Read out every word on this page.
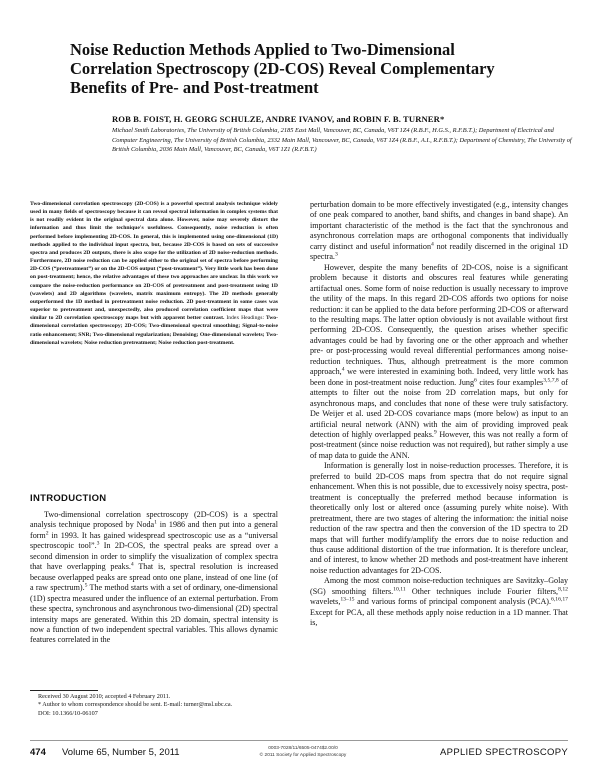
Noise Reduction Methods Applied to Two-Dimensional Correlation Spectroscopy (2D-COS) Reveal Complementary Benefits of Pre- and Post-treatment
ROB B. FOIST, H. GEORG SCHULZE, ANDRE IVANOV, and ROBIN F. B. TURNER*
Michael Smith Laboratories, The University of British Columbia, 2185 East Mall, Vancouver, BC, Canada, V6T 1Z4 (R.B.F., H.G.S., R.F.B.T.); Department of Electrical and Computer Engineering, The University of British Columbia, 2332 Main Mall, Vancouver, BC, Canada, V6T 1Z4 (R.B.F., A.I., R.F.B.T.); Department of Chemistry, The University of British Columbia, 2036 Main Mall, Vancouver, BC, Canada, V6T 1Z1 (R.F.B.T.)

Two-dimensional correlation spectroscopy (2D-COS) is a powerful spectral analysis technique widely used in many fields of spectroscopy because it can reveal spectral information in complex systems that is not readily evident in the original spectral data alone. However, noise may severely distort the information and thus limit the technique's usefulness. Consequently, noise reduction is often performed before implementing 2D-COS. In general, this is implemented using one-dimensional (1D) methods applied to the individual input spectra, but, because 2D-COS is based on sets of successive spectra and produces 2D outputs, there is also scope for the utilization of 2D noise-reduction methods. Furthermore, 2D noise reduction can be applied either to the original set of spectra before performing 2D-COS (“pretreatment”) or on the 2D-COS output (“post-treatment”). Very little work has been done on post-treatment; hence, the relative advantages of these two approaches are unclear. In this work we compare the noise-reduction performance on 2D-COS of pretreatment and post-treatment using 1D (wavelets) and 2D algorithms (wavelets, matrix maximum entropy). The 2D methods generally outperformed the 1D method in pretreatment noise reduction. 2D post-treatment in some cases was superior to pretreatment and, unexpectedly, also produced correlation coefficient maps that were similar to 2D correlation spectroscopy maps but with apparent better contrast. Index Headings: Two-dimensional correlation spectroscopy; 2D-COS; Two-dimensional spectral smoothing; Signal-to-noise ratio enhancement; SNR; Two-dimensional regularization; Denoising; One-dimensional wavelets; Two-dimensional wavelets; Noise reduction pretreatment; Noise reduction post-treatment.

INTRODUCTION

Two-dimensional correlation spectroscopy (2D-COS) is a spectral analysis technique proposed by Noda$^1$ in 1986 and then put into a general form$^2$ in 1993. It has gained widespread spectroscopic use as a “universal spectroscopic tool”.$^3$ In 2D-COS, the spectral peaks are spread over a second dimension in order to simplify the visualization of complex spectra that have overlapping peaks.$^4$ That is, spectral resolution is increased because overlapped peaks are spread onto one plane, instead of one line (of a raw spectrum).$^5$ The method starts with a set of ordinary, one-dimensional (1D) spectra measured under the influence of an external perturbation. From these spectra, synchronous and asynchronous two-dimensional (2D) spectral intensity maps are generated. Within this 2D domain, spectral intensity is now a function of two independent spectral variables. This allows dynamic features correlated in the

Received 30 August 2010; accepted 4 February 2011.

* Author to whom correspondence should be sent. E-mail: turner@msl.ubc.ca.

DOI: 10.1366/10-06107

perturbation domain to be more effectively investigated (e.g., intensity changes of one peak compared to another, band shifts, and changes in band shape). An important characteristic of the method is the fact that the synchronous and asynchronous correlation maps are orthogonal components that individually carry distinct and useful information$^4$ not readily discerned in the original 1D spectra.$^3$

However, despite the many benefits of 2D-COS, noise is a significant problem because it distorts and obscures real features while generating artifactual ones. Some form of noise reduction is usually necessary to improve the utility of the maps. In this regard 2D-COS affords two options for noise reduction: it can be applied to the data before performing 2D-COS or afterward to the resulting maps. The latter option obviously is not available without first performing 2D-COS. Consequently, the question arises whether specific advantages could be had by favoring one or the other approach and whether pre- or post-processing would reveal differential performances among noise-reduction techniques. Thus, although pretreatment is the more common approach,$^4$ we were interested in examining both. Indeed, very little work has been done in post-treatment noise reduction. Jung$^6$ cites four examples$^{3,5,7,8}$ of attempts to filter out the noise from 2D correlation maps, but only for asynchronous maps, and concludes that none of these were truly satisfactory. De Weijer et al. used 2D-COS covariance maps (more below) as input to an artificial neural network (ANN) with the aim of providing improved peak detection of highly overlapped peaks.$^9$ However, this was not really a form of post-treatment (since noise reduction was not required), but rather simply a use of map data to guide the ANN.

Information is generally lost in noise-reduction processes. Therefore, it is preferred to build 2D-COS maps from spectra that do not require signal enhancement. When this is not possible, due to excessively noisy spectra, post-treatment is conceptually the preferred method because information is theoretically only lost or altered once (assuming purely white noise). With pretreatment, there are two stages of altering the information: the initial noise reduction of the raw spectra and then the conversion of the 1D spectra to 2D maps that will further modify/amplify the errors due to noise reduction and thus cause additional distortion of the true information. It is therefore unclear, and of interest, to know whether 2D methods and post-treatment have inherent noise reduction advantages for 2D-COS.

Among the most common noise-reduction techniques are Savitzky–Golay (SG) smoothing filters.$^{10,11}$ Other techniques include Fourier filters,$^{8,12}$ wavelets,$^{13-15}$ and various forms of principal component analysis (PCA).$^{6,16,17}$ Except for PCA, all these methods apply noise reduction in a 1D manner. That is,

474 Volume 65, Number 5, 2011	0003-7028/11/6505-0474$2.00/0
© 2011 Society for Applied Spectroscopy	APPLIED SPECTROSCOPY
